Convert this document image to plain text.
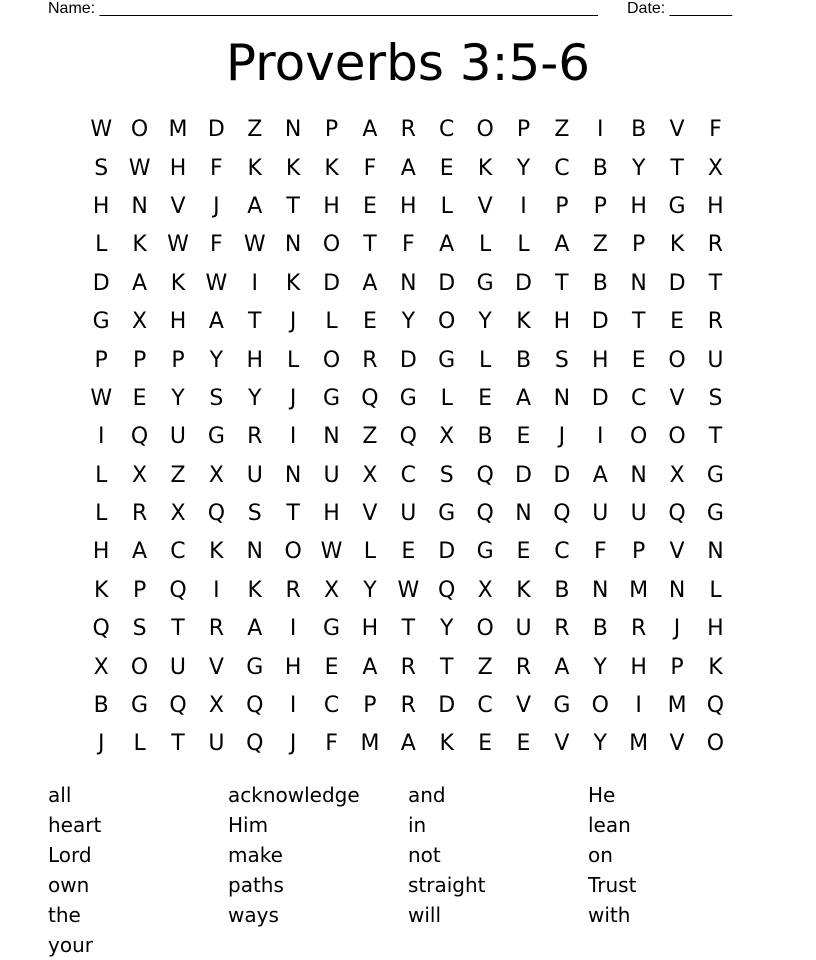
Name: ________________________________________________________ Date: _______
Proverbs 3:5-6
W O M D	Z	N	P	A	R	C	O	P	Z	I	B	V	F
S W H	F	K	K	K	F	A	E	K	Y	C	B	Y	T	X
H N	V	J	A	T	H	E	H	L	V	I	P	P	H G H
L	K W F W N O	T	F	A	L	L	A	Z	P	K	R
D	A	K W	I	K	D	A	N D G D	T	B	N D	T
G	X	H	A	T	J	L	E	Y	O	Y	K	H D	T	E	R
P	P	P	Y	H	L	O	R	D G	L	B	S	H	E	O U
W E	Y	S	Y	J	G Q G	L	E	A	N D	C	V	S
I	Q U G	R	I	N	Z	Q	X	B	E	J	I	O O	T
L	X	Z	X	U	N	U	X	C	S	Q D D	A	N	X	G
L	R	X	Q	S	T	H	V	U G Q N Q U	U Q G
H	A	C	K	N O W L	E	D G	E	C	F	P	V	N
K	P	Q	I	K	R	X	Y W Q	X	K	B	N M N	L
Q	S	T	R	A	I	G H	T	Y	O U	R	B	R	J	H
X	O U	V	G H	E	A	R	T	Z	R	A	Y	H	P	K
B	G Q	X	Q	I	C	P	R	D	C	V	G O	I	M Q
J	L	T	U Q	J	F	M A	K	E	E	V	Y	M V	O
all	acknowledge	and	He
heart	Him	in	lean
Lord	make	not	on
own	paths	straight	Trust
the	ways	will	with
your
